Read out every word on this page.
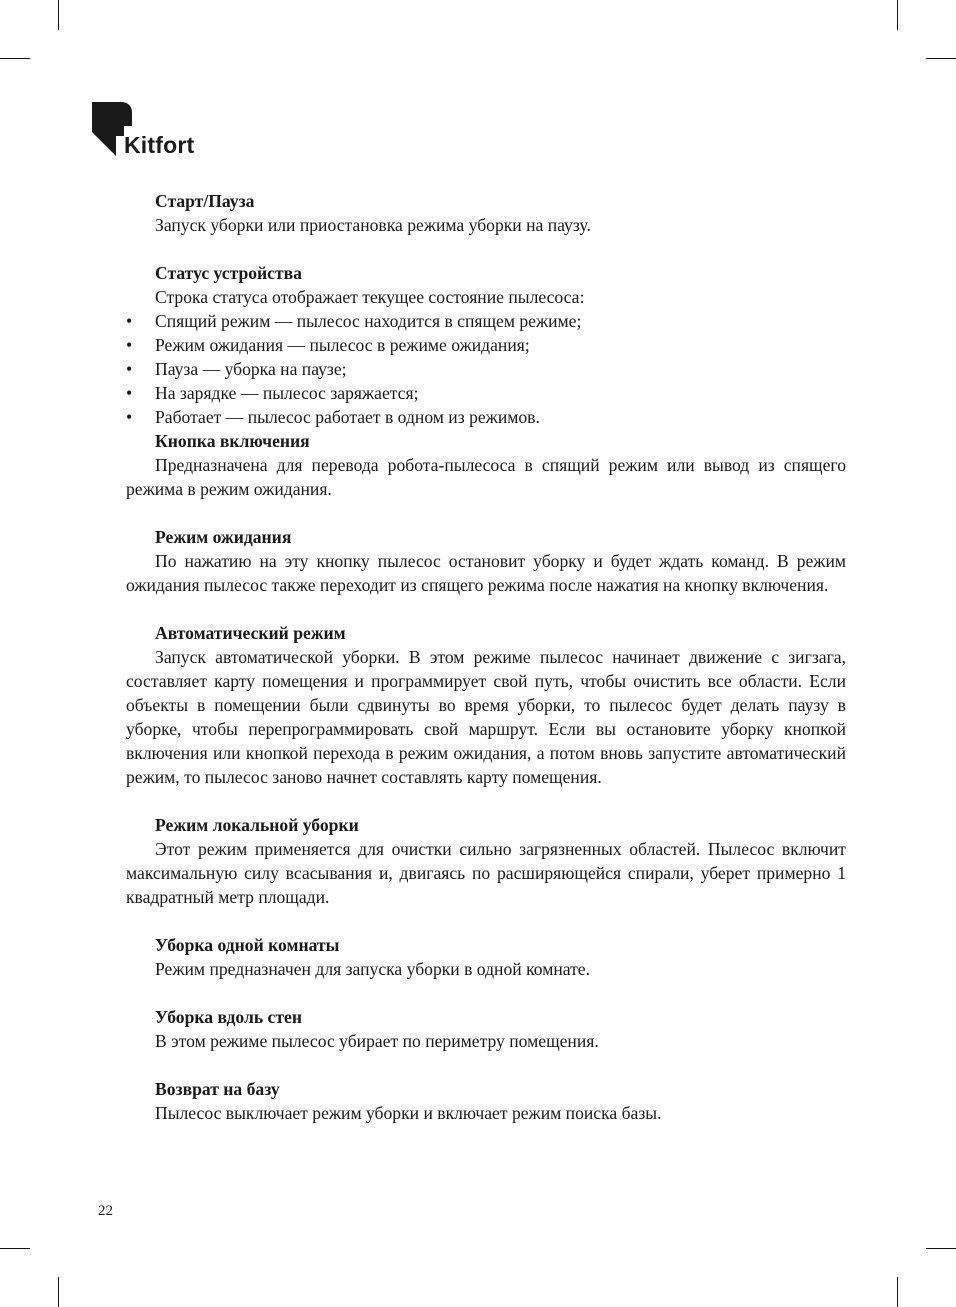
Kitfort
Старт/Пауза
Запуск уборки или приостановка режима уборки на паузу.
Статус устройства
Строка статуса отображает текущее состояние пылесоса:
• Спящий режим — пылесос находится в спящем режиме;
• Режим ожидания — пылесос в режиме ожидания;
• Пауза — уборка на паузе;
• На зарядке — пылесос заряжается;
• Работает — пылесос работает в одном из режимов.
Кнопка включения
Предназначена для перевода робота-пылесоса в спящий режим или вывод из спящего режима в режим ожидания.
Режим ожидания
По нажатию на эту кнопку пылесос остановит уборку и будет ждать команд. В режим ожидания пылесос также переходит из спящего режима после нажатия на кнопку включения.
Автоматический режим
Запуск автоматической уборки. В этом режиме пылесос начинает движение с зигзага, составляет карту помещения и программирует свой путь, чтобы очистить все области. Если объекты в помещении были сдвинуты во время уборки, то пылесос будет делать паузу в уборке, чтобы перепрограммировать свой маршрут. Если вы остановите уборку кнопкой включения или кнопкой перехода в режим ожидания, а потом вновь запустите автоматический режим, то пылесос заново начнет составлять карту помещения.
Режим локальной уборки
Этот режим применяется для очистки сильно загрязненных областей. Пылесос включит максимальную силу всасывания и, двигаясь по расширяющейся спирали, уберет примерно 1 квадратный метр площади.
Уборка одной комнаты
Режим предназначен для запуска уборки в одной комнате.
Уборка вдоль стен
В этом режиме пылесос убирает по периметру помещения.
Возврат на базу
Пылесос выключает режим уборки и включает режим поиска базы.
22
